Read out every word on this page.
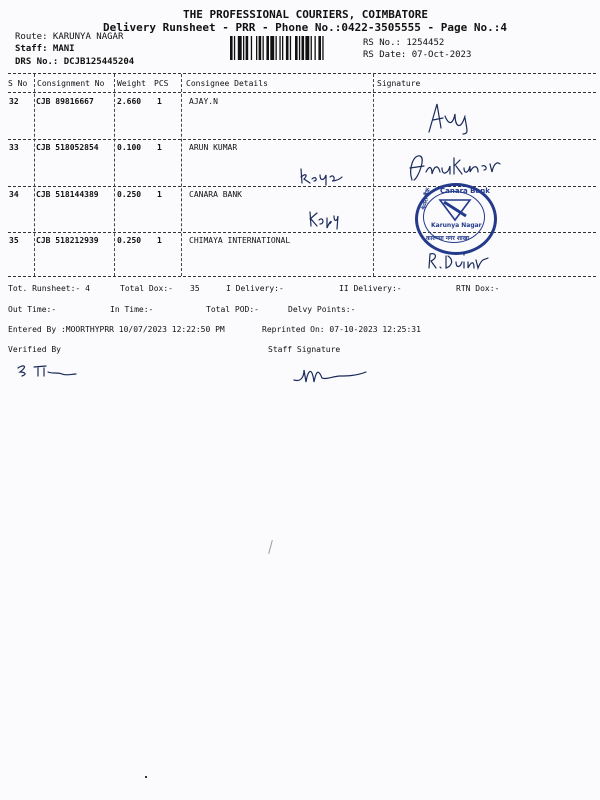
THE PROFESSIONAL COURIERS, COIMBATORE
Delivery Runsheet - PRR - Phone No.:0422-3505555 - Page No.:4
Route: KARUNYA NAGAR
Staff: MANI
DRS No.: DCJB125445204
RS No.: 1254452
RS Date: 07-Oct-2023
S No Consignment No Weight PCS Consignee Details	Signature
32 CJB 89816667	2.660 1	AJAY.N
33 CJB 518052854 0.100 1	ARUN KUMAR
34 CJB 518144389 0.250 1	CANARA BANK
35 CJB 518212939 0.250 1	CHIMAYA INTERNATIONAL
Canara Bank
केनरा बैंक
Karunya Nagar
कारुण्या नगर शाखा
Tot. Runsheet:- 4	Total Dox:- 35	I Delivery:-	II Delivery:-	RTN Dox:-
Out Time:-	In Time:-	Total POD:-	Delvy Points:-
Entered By :MOORTHYPRR 10/07/2023 12:22:50 PM	Reprinted On: 07-10-2023 12:25:31
Verified By	Staff Signature
